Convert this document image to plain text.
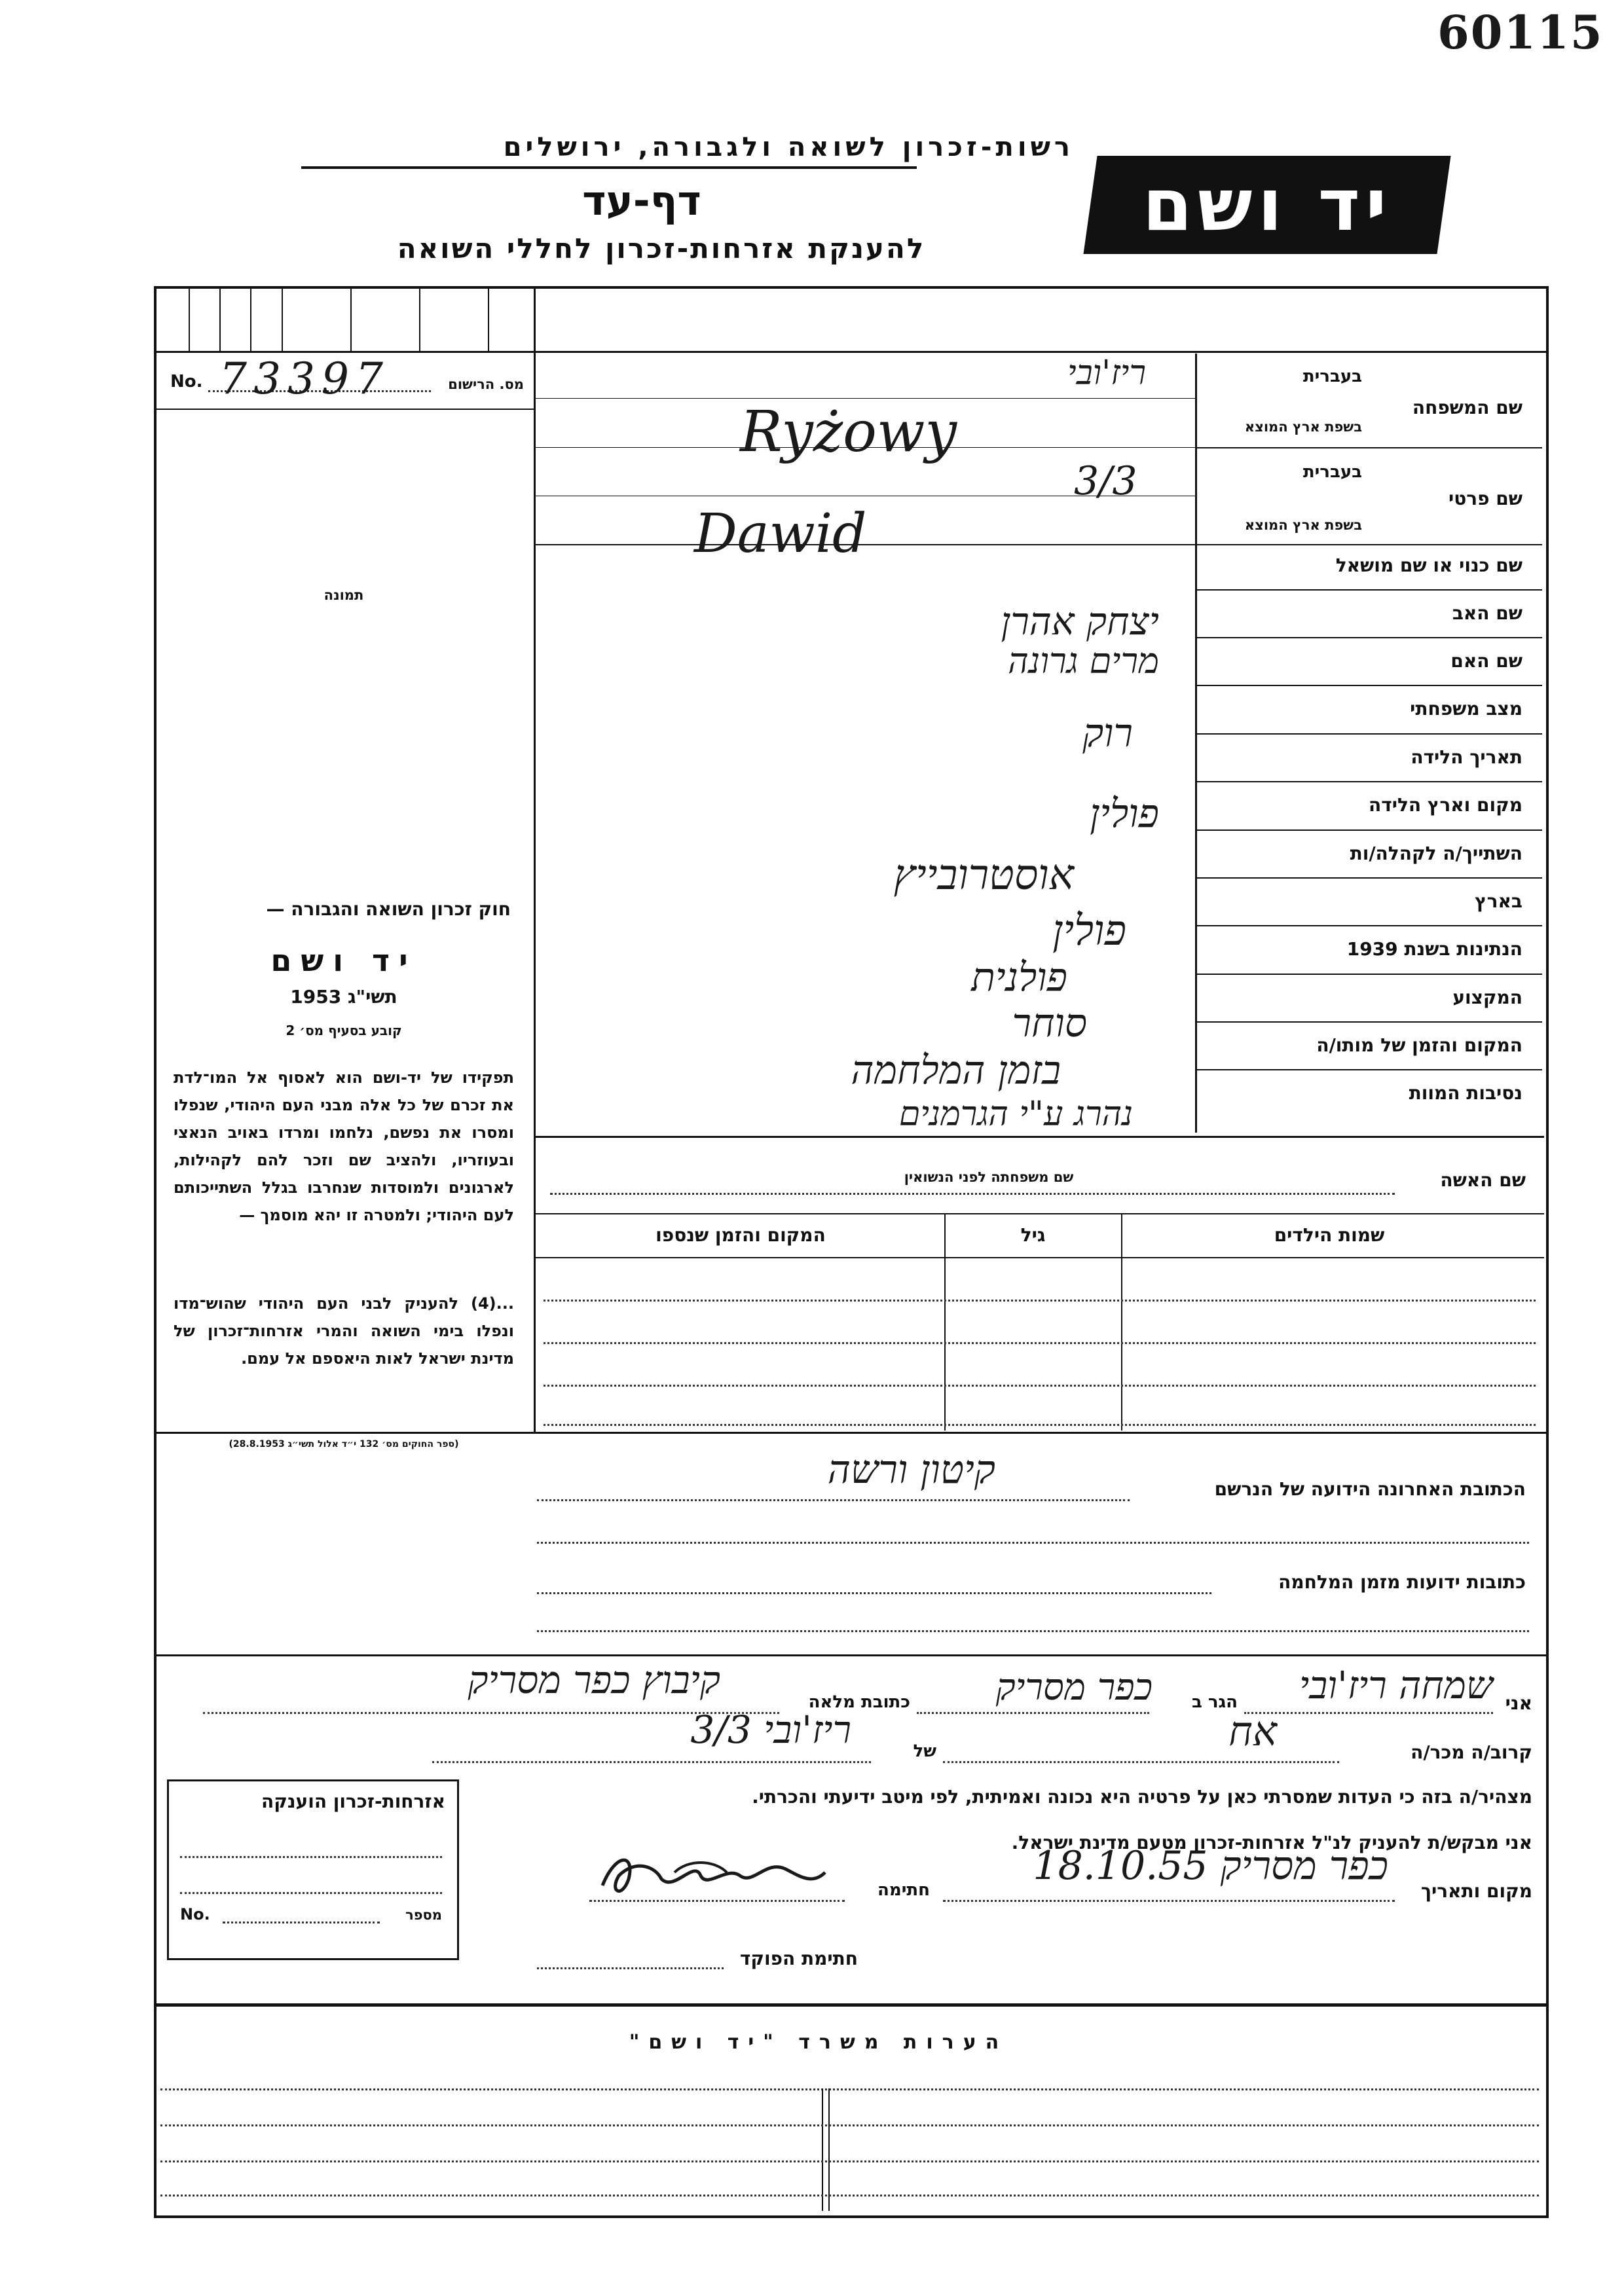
60115
רשות-זכרון לשואה ולגבורה, ירושלים
דף-עד
להענקת אזרחות-זכרון לחללי השואה
יד ושם
No. 73397	מס. הרישום
תמונה
חוק זכרון השואה והגבורה —
יד ושם
תשי"ג 1953
קובע בסעיף מס׳ 2
תפקידו של יד-ושם הוא לאסוף אל המו־לדת את זכרם של כל אלה מבני העם היהודי, שנפלו ומסרו את נפשם, נלחמו ומרדו באויב הנאצי ובעוזריו, ולהציב שם וזכר להם לקהילות, לארגונים ולמוסדות שנחרבו בגלל השתייכותם לעם היהודי; ולמטרה זו יהא מוסמך —
...(4) להעניק לבני העם היהודי שהוש־מדו ונפלו בימי השואה והמרי אזרחות־זכרון של מדינת ישראל לאות היאספם אל עמם.
(ספר החוקים מס׳ 132 י״ד אלול תשי״ג 28.8.1953)
שם המשפחה
בעברית
בשפת ארץ המוצא
שם פרטי
בעברית
בשפת ארץ המוצא
שם כנוי או שם מושאל
שם האב
שם האם
מצב משפחתי
תאריך הלידה
מקום וארץ הלידה
השתייך/ה לקהלה/ות
בארץ
הנתינות בשנת 1939
המקצוע
המקום והזמן של מותו/ה
נסיבות המוות
ריז'ובי
Ryżowy
3/3
Dawid
יצחק אהרן
מרים גרונה
רוק
פולין
אוסטרובייץ
פולין
פולנית
סוחר
בזמן המלחמה
נהרג ע"י הגרמנים
שם האשה
שם משפחתה לפני הנשואין
שמות הילדים
גיל
המקום והזמן שנספו
הכתובת האחרונה הידועה של הנרשם
קיטון ורשה
כתובות ידועות מזמן המלחמה
אני
שמחה ריז'ובי
הגר ב
כפר מסריק
כתובת מלאה
קיבוץ כפר מסריק
קרוב/ה מכר/ה
אח
של
ריז'ובי 3/3
מצהיר/ה בזה כי העדות שמסרתי כאן על פרטיה היא נכונה ואמיתית, לפי מיטב ידיעתי והכרתי.
אני מבקש/ת להעניק לנ"ל אזרחות-זכרון מטעם מדינת ישראל.
מקום ותאריך
כפר מסריק 18.10.55
חתימה
חתימת הפוקד
אזרחות-זכרון הוענקה
No.	מספר
הערות משרד "יד ושם"
